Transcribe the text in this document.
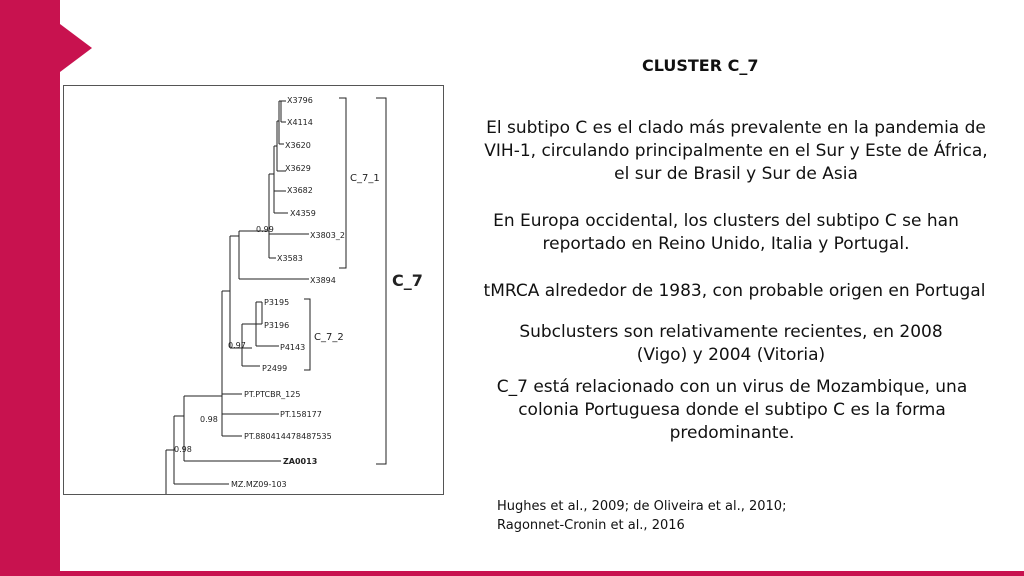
CLUSTER C_7
El subtipo C es el clado más prevalente en la pandemia de VIH-1, circulando principalmente en el Sur y Este de África, el sur de Brasil y Sur de Asia
En Europa occidental, los clusters del subtipo C se han reportado en Reino Unido, Italia y Portugal.
tMRCA alrededor de 1983, con probable origen en Portugal
Subclusters son relativamente recientes, en 2008 (Vigo) y 2004 (Vitoria)
C_7 está relacionado con un virus de Mozambique, una colonia Portuguesa donde el subtipo C es la forma predominante.
Hughes et al., 2009; de Oliveira et al., 2010;
Ragonnet-Cronin et al., 2016
X3796
X4114
X3620
X3629
X3682
X4359
X3803_2
X3583
X3894
P3195
P3196
P4143
P2499
PT.PTCBR_125
PT.158177
PT.880414478487535
ZA0013
MZ.MZ09-103
0.99
0.97
0.98
0.98
C_7_1
C_7_2
C_7
